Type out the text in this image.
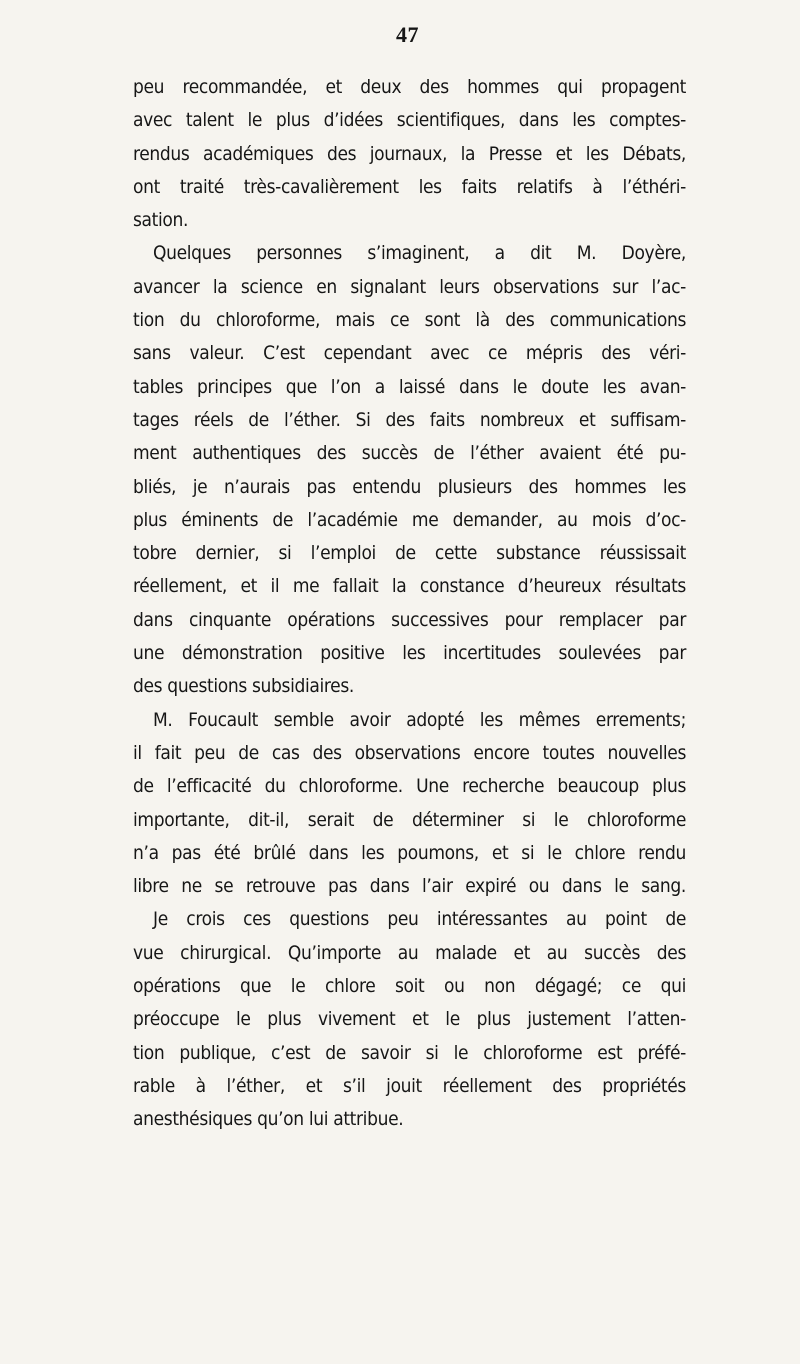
47
peu recommandée, et deux des hommes qui propagent
avec talent le plus d’idées scientifiques, dans les comptes-
rendus académiques des journaux, la Presse et les Débats,
ont traité très-cavalièrement les faits relatifs à l’éthéri-
sation.
Quelques personnes s’imaginent, a dit M. Doyère,
avancer la science en signalant leurs observations sur l’ac-
tion du chloroforme, mais ce sont là des communications
sans valeur. C’est cependant avec ce mépris des véri-
tables principes que l’on a laissé dans le doute les avan-
tages réels de l’éther. Si des faits nombreux et suffisam-
ment authentiques des succès de l’éther avaient été pu-
bliés, je n’aurais pas entendu plusieurs des hommes les
plus éminents de l’académie me demander, au mois d’oc-
tobre dernier, si l’emploi de cette substance réussissait
réellement, et il me fallait la constance d’heureux résultats
dans cinquante opérations successives pour remplacer par
une démonstration positive les incertitudes soulevées par
des questions subsidiaires.
M. Foucault semble avoir adopté les mêmes errements;
il fait peu de cas des observations encore toutes nouvelles
de l’efficacité du chloroforme. Une recherche beaucoup plus
importante, dit-il, serait de déterminer si le chloroforme
n’a pas été brûlé dans les poumons, et si le chlore rendu
libre ne se retrouve pas dans l’air expiré ou dans le sang.
Je crois ces questions peu intéressantes au point de
vue chirurgical. Qu’importe au malade et au succès des
opérations que le chlore soit ou non dégagé; ce qui
préoccupe le plus vivement et le plus justement l’atten-
tion publique, c’est de savoir si le chloroforme est préfé-
rable à l’éther, et s’il jouit réellement des propriétés
anesthésiques qu’on lui attribue.
